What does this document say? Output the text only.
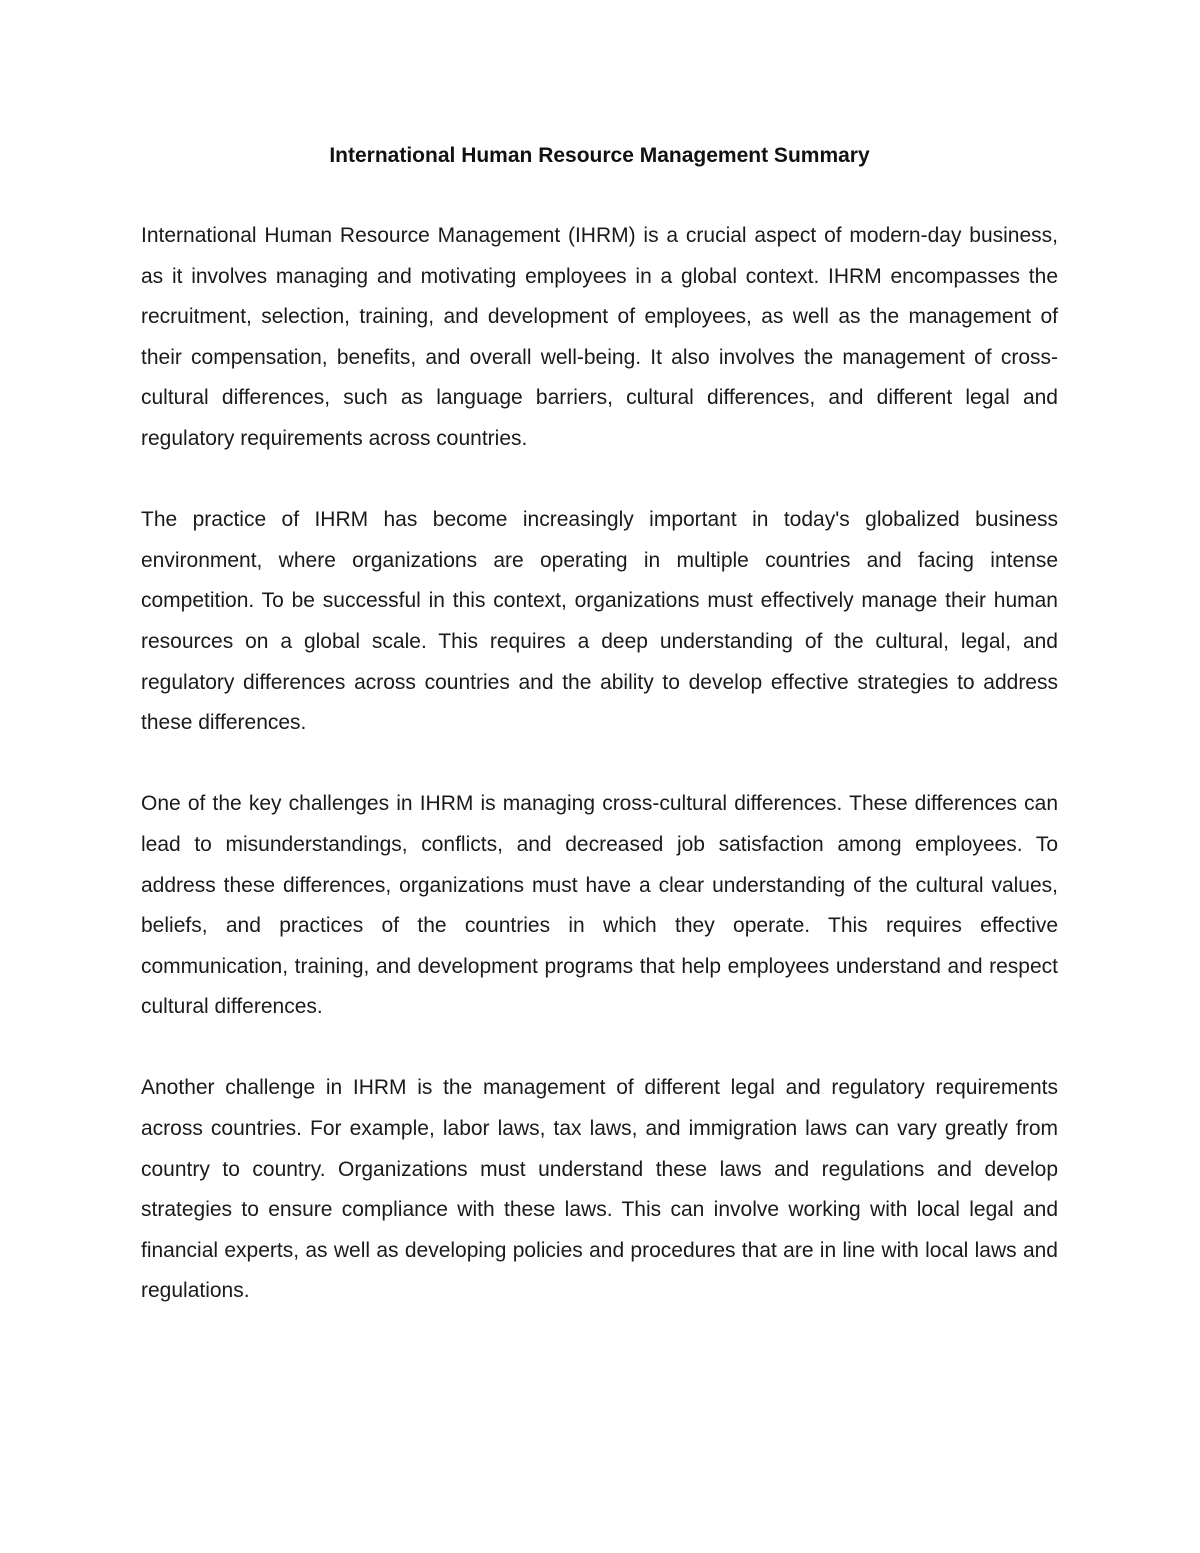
International Human Resource Management Summary

International Human Resource Management (IHRM) is a crucial aspect of modern-day business, as it involves managing and motivating employees in a global context. IHRM encompasses the recruitment, selection, training, and development of employees, as well as the management of their compensation, benefits, and overall well-being. It also involves the management of cross-cultural differences, such as language barriers, cultural differences, and different legal and regulatory requirements across countries.

The practice of IHRM has become increasingly important in today's globalized business environment, where organizations are operating in multiple countries and facing intense competition. To be successful in this context, organizations must effectively manage their human resources on a global scale. This requires a deep understanding of the cultural, legal, and regulatory differences across countries and the ability to develop effective strategies to address these differences.

One of the key challenges in IHRM is managing cross-cultural differences. These differences can lead to misunderstandings, conflicts, and decreased job satisfaction among employees. To address these differences, organizations must have a clear understanding of the cultural values, beliefs, and practices of the countries in which they operate. This requires effective communication, training, and development programs that help employees understand and respect cultural differences.

Another challenge in IHRM is the management of different legal and regulatory requirements across countries. For example, labor laws, tax laws, and immigration laws can vary greatly from country to country. Organizations must understand these laws and regulations and develop strategies to ensure compliance with these laws. This can involve working with local legal and financial experts, as well as developing policies and procedures that are in line with local laws and regulations.
